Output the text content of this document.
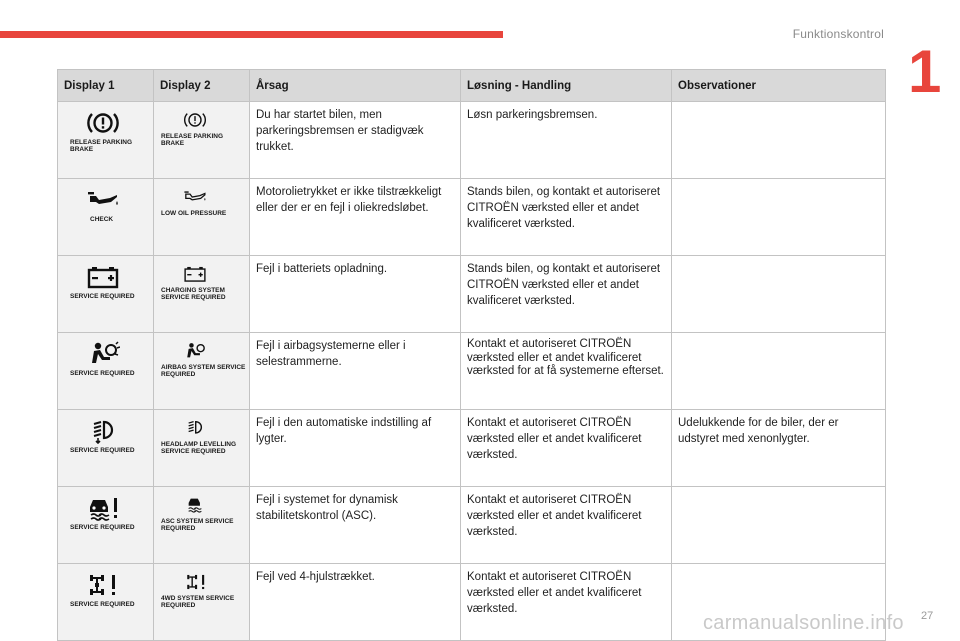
Funktionskontrol
1
Display 1	Display 2	Årsag	Løsning - Handling	Observationer

RELEASE PARKING BRAKE	RELEASE PARKING BRAKE	Du har startet bilen, men parkeringsbremsen er stadigvæk trukket.	Løsn parkeringsbremsen.	

CHECK	LOW OIL PRESSURE	Motorolietrykket er ikke tilstrækkeligt eller der er en fejl i oliekredsløbet.	Stands bilen, og kontakt et autoriseret CITROËN værksted eller et andet kvalificeret værksted.	

SERVICE REQUIRED	CHARGING SYSTEM SERVICE REQUIRED	Fejl i batteriets opladning.	Stands bilen, og kontakt et autoriseret CITROËN værksted eller et andet kvalificeret værksted.	

SERVICE REQUIRED	AIRBAG SYSTEM SERVICE REQUIRED	Fejl i airbagsystemerne eller i selestrammerne.	Kontakt et autoriseret CITROËN værksted eller et andet kvalificeret værksted for at få systemerne efterset.	

SERVICE REQUIRED	HEADLAMP LEVELLING SERVICE REQUIRED	Fejl i den automatiske indstilling af lygter.	Kontakt et autoriseret CITROËN værksted eller et andet kvalificeret værksted.	Udelukkende for de biler, der er udstyret med xenonlygter.

SERVICE REQUIRED	ASC SYSTEM SERVICE REQUIRED	Fejl i systemet for dynamisk stabilitetskontrol (ASC).	Kontakt et autoriseret CITROËN værksted eller et andet kvalificeret værksted.	

SERVICE REQUIRED	4WD SYSTEM SERVICE REQUIRED	Fejl ved 4-hjulstrækket.	Kontakt et autoriseret CITROËN værksted eller et andet kvalificeret værksted.	
carmanualsonline.info 27
